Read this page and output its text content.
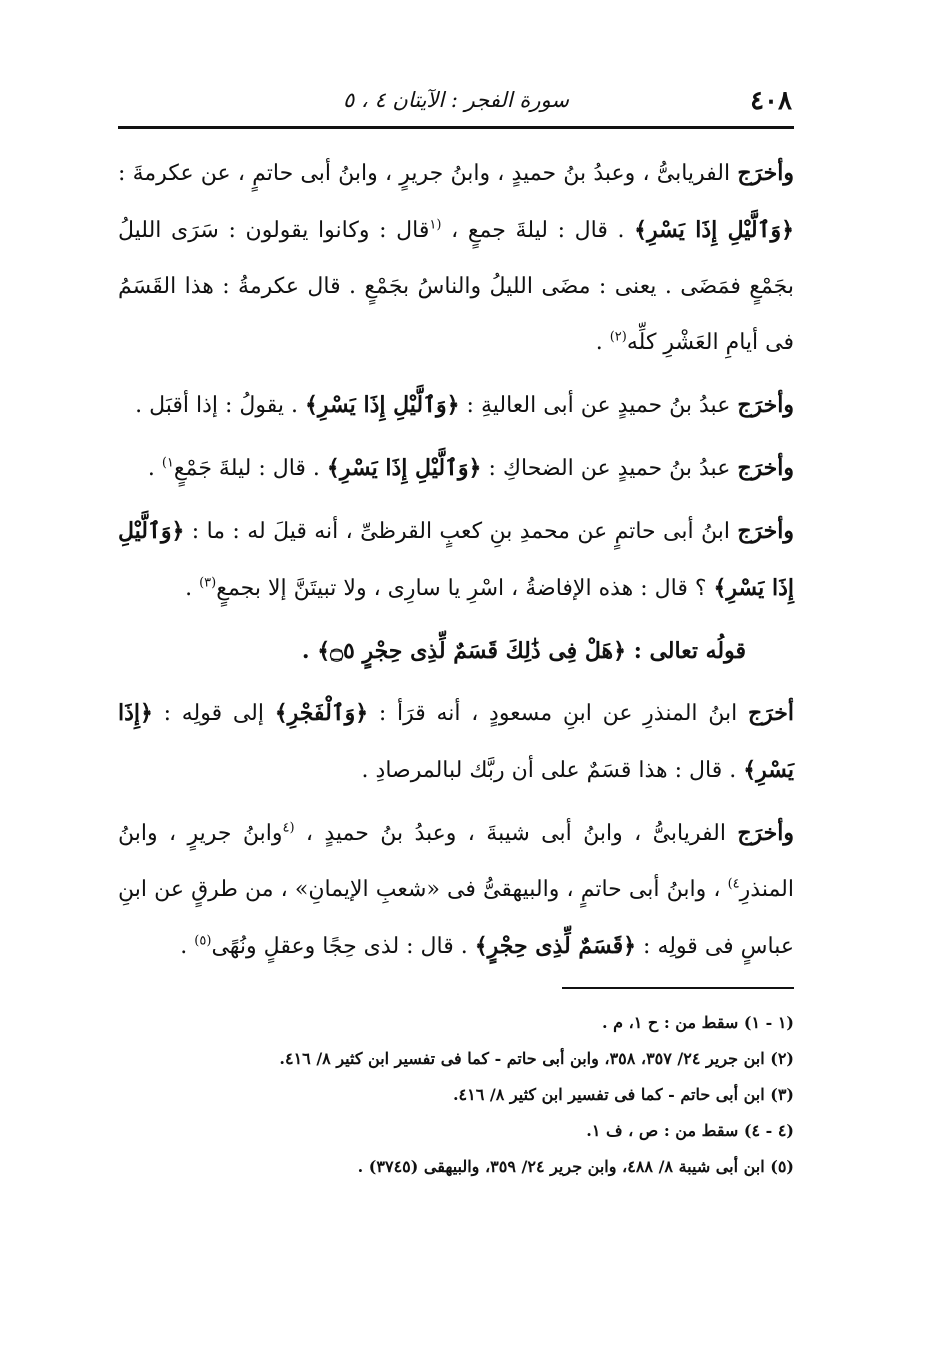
٤٠٨
سورة الفجر : الآيتان ٤ ، ٥

وأخرَج الفريابىُّ ، وعبدُ بنُ حميدٍ ، وابنُ جريرٍ ، وابنُ أبى حاتمٍ ، عن عكرمةَ : ﴿وَٱلَّيْلِ إِذَا يَسْرِ﴾ . قال : ليلةَ جمعٍ ، $^{(١}$قال : وكانوا يقولون : سَرَى الليلُ بجَمْعٍ فمَضَى . يعنى : مضَى الليلُ والناسُ بجَمْعٍ . قال عكرمةُ : هذا القَسَمُ فى أيامِ العَشْرِ كلِّه$^{(٢)}$ .

وأخرَج عبدُ بنُ حميدٍ عن أبى العاليةِ : ﴿وَٱلَّيْلِ إِذَا يَسْرِ﴾ . يقولُ : إذا أقبَل .

وأخرَج عبدُ بنُ حميدٍ عن الضحاكِ : ﴿وَٱلَّيْلِ إِذَا يَسْرِ﴾ . قال : ليلةَ جَمْعٍ$^{١)}$ .

وأخرَج ابنُ أبى حاتمٍ عن محمدِ بنِ كعبٍ القرظىِّ ، أنه قيلَ له : ما : ﴿وَٱلَّيْلِ إِذَا يَسْرِ﴾ ؟ قال : هذه الإفاضةُ ، اسْرِ يا سارِى ، ولا تبيتَنَّ إلا بجمعٍ$^{(٣)}$ .

قولُه تعالى : ﴿هَلْ فِى ذَٰلِكَ قَسَمٌ لِّذِى حِجْرٍ ۝٥﴾ .

أخرَج ابنُ المنذرِ عن ابنِ مسعودٍ ، أنه قرَأ : ﴿وَٱلْفَجْرِ﴾ إلى قولِه : ﴿إِذَا يَسْرِ﴾ . قال : هذا قسَمٌ على أن ربَّك لبالمرصادِ .

وأخرَج الفريابىُّ ، وابنُ أبى شيبةَ ، وعبدُ بنُ حميدٍ ، $^{(٤}$وابنُ جريرٍ ، وابنُ المنذرِ$^{٤)}$ ، وابنُ أبى حاتمٍ ، والبيهقىُّ فى «شعبِ الإيمانِ» ، من طرقٍ عن ابنِ عباسٍ فى قولِه : ﴿قَسَمٌ لِّذِى حِجْرٍ﴾ . قال : لذى حِجًا وعقلٍ ونُهًى$^{(٥)}$ .

(١ - ١) سقط من : ح ١، م .

(٢) ابن جرير ٢٤/ ٣٥٧، ٣٥٨، وابن أبى حاتم - كما فى تفسير ابن كثير ٨/ ٤١٦.

(٣) ابن أبى حاتم - كما فى تفسير ابن كثير ٨/ ٤١٦.

(٤ - ٤) سقط من : ص ، ف ١.

(٥) ابن أبى شيبة ٨/ ٤٨٨، وابن جرير ٢٤/ ٣٥٩، والبيهقى (٣٧٤٥) .
